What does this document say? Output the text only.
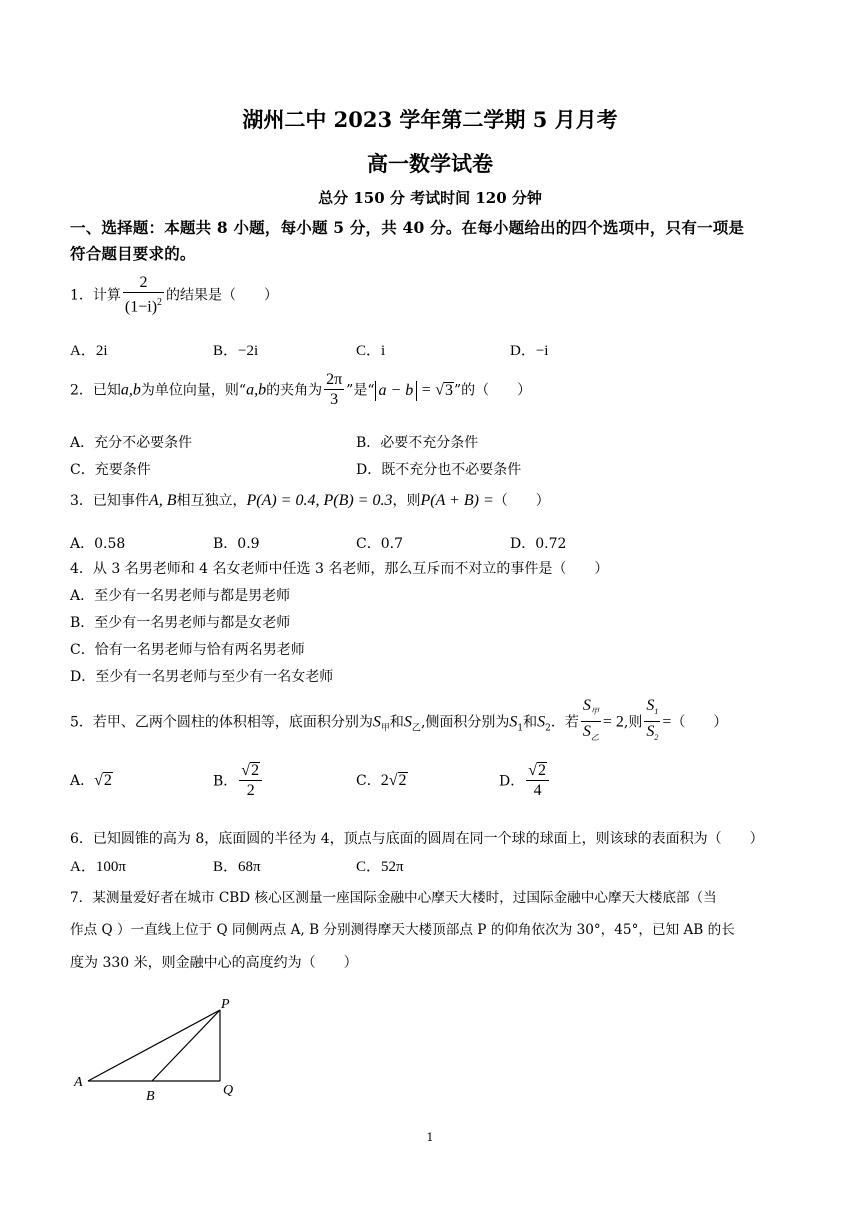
湖州二中 2023 学年第二学期 5 月月考
高一数学试卷
总分 150 分 考试时间 120 分钟
一、选择题：本题共 8 小题，每小题 5 分，共 40 分。在每小题给出的四个选项中，只有一项是
符合题目要求的。
1．计算 $\frac{2}{(1-i)^2}$ 的结果是（　　）
A．2i	B．−2i	C．i	D．−i
2．已知a,b为单位向量，则“a,b的夹角为 $\frac{2\pi}{3}$ ”是“ a − b = √3”的（　　）
A．充分不必要条件	B．必要不充分条件
C．充要条件	D．既不充分也不必要条件
3．已知事件A, B相互独立，P(A) = 0.4, P(B) = 0.3，则P(A + B) =（　　）
A．0.58	B．0.9	C．0.7	D．0.72
4．从 3 名男老师和 4 名女老师中任选 3 名老师，那么互斥而不对立的事件是（　　）
A．至少有一名男老师与都是男老师
B．至少有一名男老师与都是女老师
C．恰有一名男老师与恰有两名男老师
D．至少有一名男老师与至少有一名女老师
5．若甲、乙两个圆柱的体积相等，底面积分别为$S_甲$和$S_乙$,侧面积分别为$S_1$和$S_2$．若 $\frac{S_甲}{S_乙} = 2$,则 $\frac{S_1}{S_2}$ =（　　）
A．√2	B． $\frac{√2}{2}$	C．2√2	D． $\frac{√2}{4}$
6．已知圆锥的高为 8，底面圆的半径为 4，顶点与底面的圆周在同一个球的球面上，则该球的表面积为（　　）
A．100π	B．68π	C．52π
7．某测量爱好者在城市 CBD 核心区测量一座国际金融中心摩天大楼时，过国际金融中心摩天大楼底部（当
作点 Q ）一直线上位于 Q 同侧两点 A, B 分别测得摩天大楼顶部点 P 的仰角依次为 30°，45°，已知 AB 的长
度为 330 米，则金融中心的高度约为（　　）
P
A
B	Q
1
